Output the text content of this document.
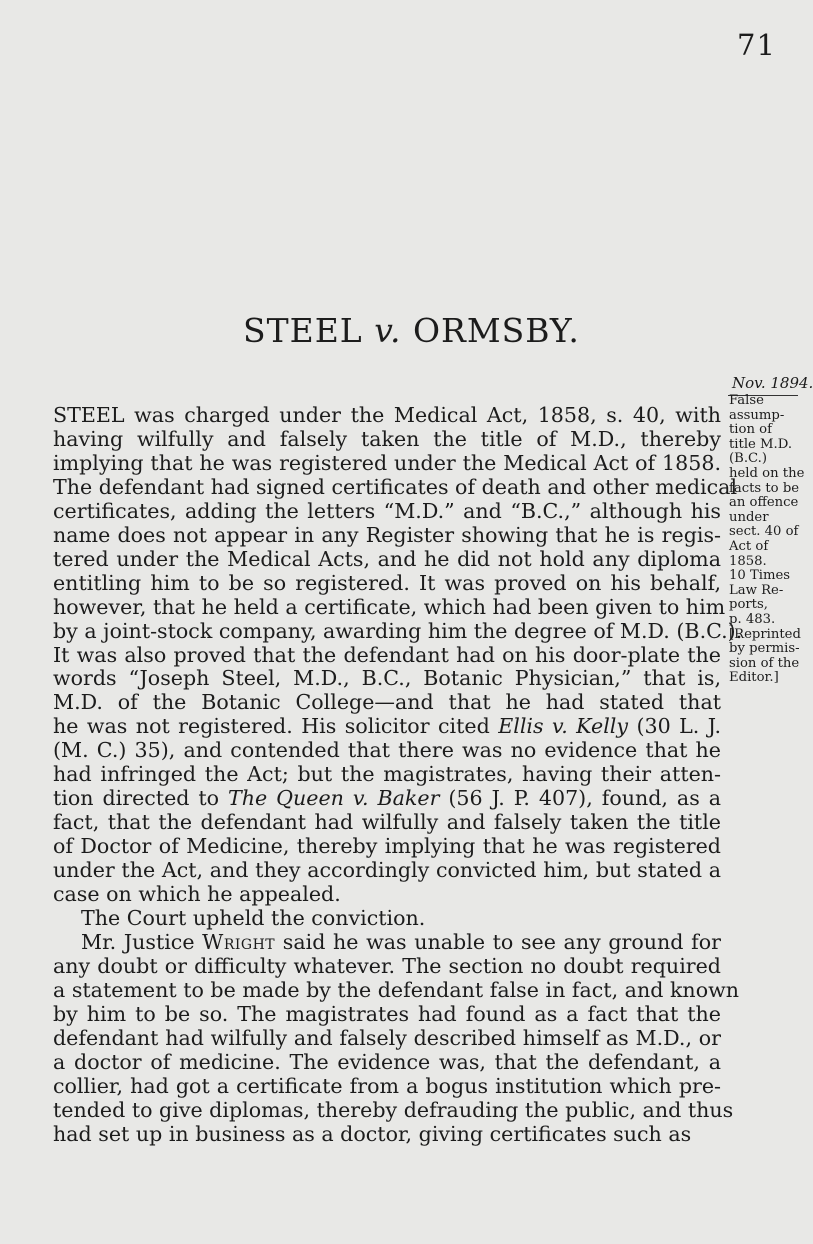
71
STEEL v. ORMSBY.
Nov. 1894.
False
assump-
tion of
title M.D.
(B.C.)
held on the
facts to be
an offence
under
sect. 40 of
Act of
1858.
10 Times
Law Re-
ports,
p. 483.
[Reprinted
by permis-
sion of the
Editor.]

STEEL was charged under the Medical Act, 1858, s. 40, with
having wilfully and falsely taken the title of M.D., thereby
implying that he was registered under the Medical Act of 1858.
The defendant had signed certificates of death and other medical
certificates, adding the letters “M.D.” and “B.C.,” although his
name does not appear in any Register showing that he is regis-
tered under the Medical Acts, and he did not hold any diploma
entitling him to be so registered. It was proved on his behalf,
however, that he held a certificate, which had been given to him
by a joint-stock company, awarding him the degree of M.D. (B.C.).
It was also proved that the defendant had on his door-plate the
words “Joseph Steel, M.D., B.C., Botanic Physician,” that is,
M.D. of the Botanic College—and that he had stated that
he was not registered. His solicitor cited Ellis v. Kelly (30 L. J.
(M. C.) 35), and contended that there was no evidence that he
had infringed the Act; but the magistrates, having their atten-
tion directed to The Queen v. Baker (56 J. P. 407), found, as a
fact, that the defendant had wilfully and falsely taken the title
of Doctor of Medicine, thereby implying that he was registered
under the Act, and they accordingly convicted him, but stated a
case on which he appealed.

The Court upheld the conviction.

Mr. Justice Wright said he was unable to see any ground for
any doubt or difficulty whatever. The section no doubt required
a statement to be made by the defendant false in fact, and known
by him to be so. The magistrates had found as a fact that the
defendant had wilfully and falsely described himself as M.D., or
a doctor of medicine. The evidence was, that the defendant, a
collier, had got a certificate from a bogus institution which pre-
tended to give diplomas, thereby defrauding the public, and thus
had set up in business as a doctor, giving certificates such as
